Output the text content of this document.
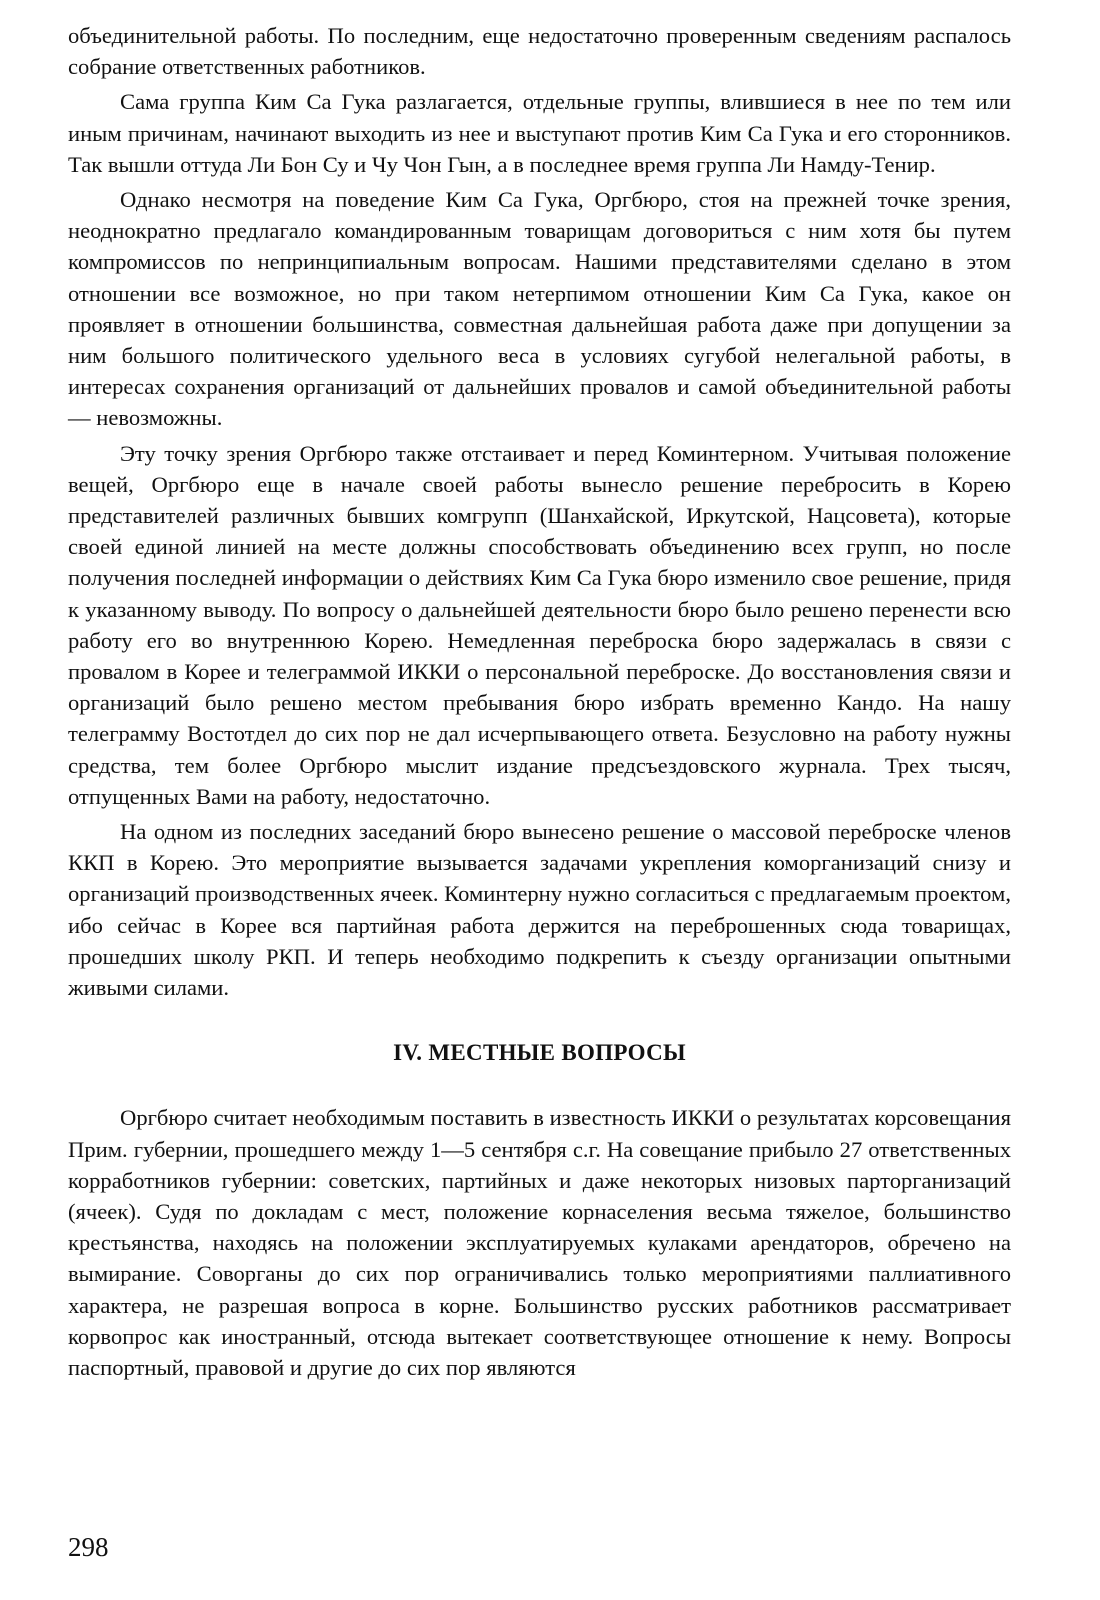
объединительной работы. По последним, еще недостаточно проверенным сведениям распалось собрание ответственных работников.

Сама группа Ким Са Гука разлагается, отдельные группы, влившиеся в нее по тем или иным причинам, начинают выходить из нее и выступают против Ким Са Гука и его сторонников. Так вышли оттуда Ли Бон Су и Чу Чон Гын, а в последнее время группа Ли Намду-Тенир.

Однако несмотря на поведение Ким Са Гука, Оргбюро, стоя на прежней точке зрения, неоднократно предлагало командированным товарищам договориться с ним хотя бы путем компромиссов по непринципиальным вопросам. Нашими представителями сделано в этом отношении все возможное, но при таком нетерпимом отношении Ким Са Гука, какое он проявляет в отношении большинства, совместная дальнейшая работа даже при допущении за ним большого политического удельного веса в условиях сугубой нелегальной работы, в интересах сохранения организаций от дальнейших провалов и самой объединительной работы — невозможны.

Эту точку зрения Оргбюро также отстаивает и перед Коминтерном. Учитывая положение вещей, Оргбюро еще в начале своей работы вынесло решение перебросить в Корею представителей различных бывших комгрупп (Шанхайской, Иркутской, Нацсовета), которые своей единой линией на месте должны способствовать объединению всех групп, но после получения последней информации о действиях Ким Са Гука бюро изменило свое решение, придя к указанному выводу. По вопросу о дальнейшей деятельности бюро было решено перенести всю работу его во внутреннюю Корею. Немедленная переброска бюро задержалась в связи с провалом в Корее и телеграммой ИККИ о персональной переброске. До восстановления связи и организаций было решено местом пребывания бюро избрать временно Кандо. На нашу телеграмму Востотдел до сих пор не дал исчерпывающего ответа. Безусловно на работу нужны средства, тем более Оргбюро мыслит издание предсъездовского журнала. Трех тысяч, отпущенных Вами на работу, недостаточно.

На одном из последних заседаний бюро вынесено решение о массовой переброске членов ККП в Корею. Это мероприятие вызывается задачами укрепления коморганизаций снизу и организаций производственных ячеек. Коминтерну нужно согласиться с предлагаемым проектом, ибо сейчас в Корее вся партийная работа держится на переброшенных сюда товарищах, прошедших школу РКП. И теперь необходимо подкрепить к съезду организации опытными живыми силами.

IV. МЕСТНЫЕ ВОПРОСЫ

Оргбюро считает необходимым поставить в известность ИККИ о результатах корсовещания Прим. губернии, прошедшего между 1—5 сентября с.г. На совещание прибыло 27 ответственных корработников губернии: советских, партийных и даже некоторых низовых парторганизаций (ячеек). Судя по докладам с мест, положение корнаселения весьма тяжелое, большинство крестьянства, находясь на положении эксплуатируемых кулаками арендаторов, обречено на вымирание. Соворганы до сих пор ограничивались только мероприятиями паллиативного характера, не разрешая вопроса в корне. Большинство русских работников рассматривает корвопрос как иностранный, отсюда вытекает соответствующее отношение к нему. Вопросы паспортный, правовой и другие до сих пор являются

298
